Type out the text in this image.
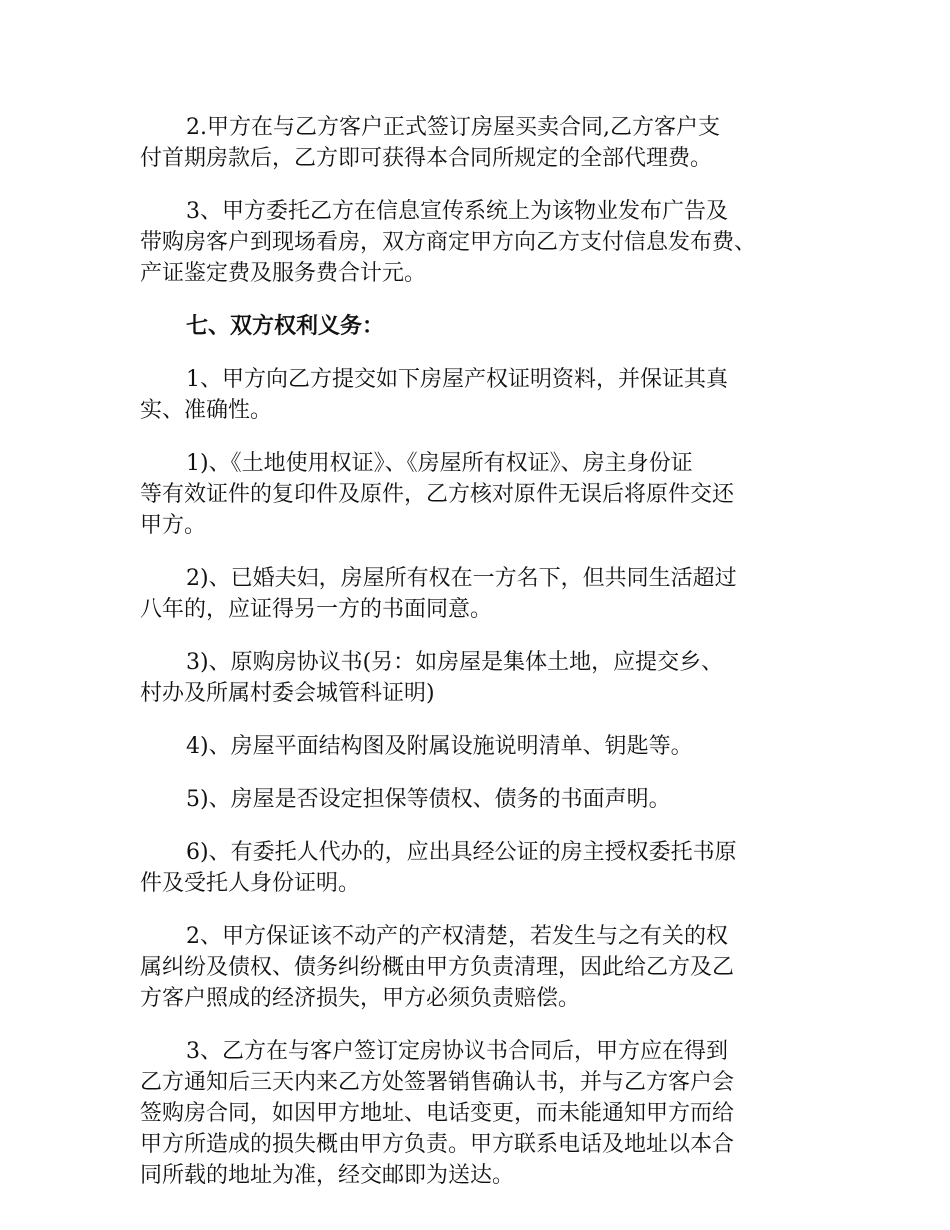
2.甲方在与乙方客户正式签订房屋买卖合同,乙方客户支
付首期房款后，乙方即可获得本合同所规定的全部代理费。
3、甲方委托乙方在信息宣传系统上为该物业发布广告及
带购房客户到现场看房，双方商定甲方向乙方支付信息发布费、
产证鉴定费及服务费合计元。
七、双方权利义务：
1、甲方向乙方提交如下房屋产权证明资料，并保证其真
实、准确性。
1)、《土地使用权证》、《房屋所有权证》、房主身份证
等有效证件的复印件及原件，乙方核对原件无误后将原件交还
甲方。
2)、已婚夫妇，房屋所有权在一方名下，但共同生活超过
八年的，应证得另一方的书面同意。
3)、原购房协议书(另：如房屋是集体土地，应提交乡、
村办及所属村委会城管科证明)
4)、房屋平面结构图及附属设施说明清单、钥匙等。
5)、房屋是否设定担保等债权、债务的书面声明。
6)、有委托人代办的，应出具经公证的房主授权委托书原
件及受托人身份证明。
2、甲方保证该不动产的产权清楚，若发生与之有关的权
属纠纷及债权、债务纠纷概由甲方负责清理，因此给乙方及乙
方客户照成的经济损失，甲方必须负责赔偿。
3、乙方在与客户签订定房协议书合同后，甲方应在得到
乙方通知后三天内来乙方处签署销售确认书，并与乙方客户会
签购房合同，如因甲方地址、电话变更，而未能通知甲方而给
甲方所造成的损失概由甲方负责。甲方联系电话及地址以本合
同所载的地址为准，经交邮即为送达。
